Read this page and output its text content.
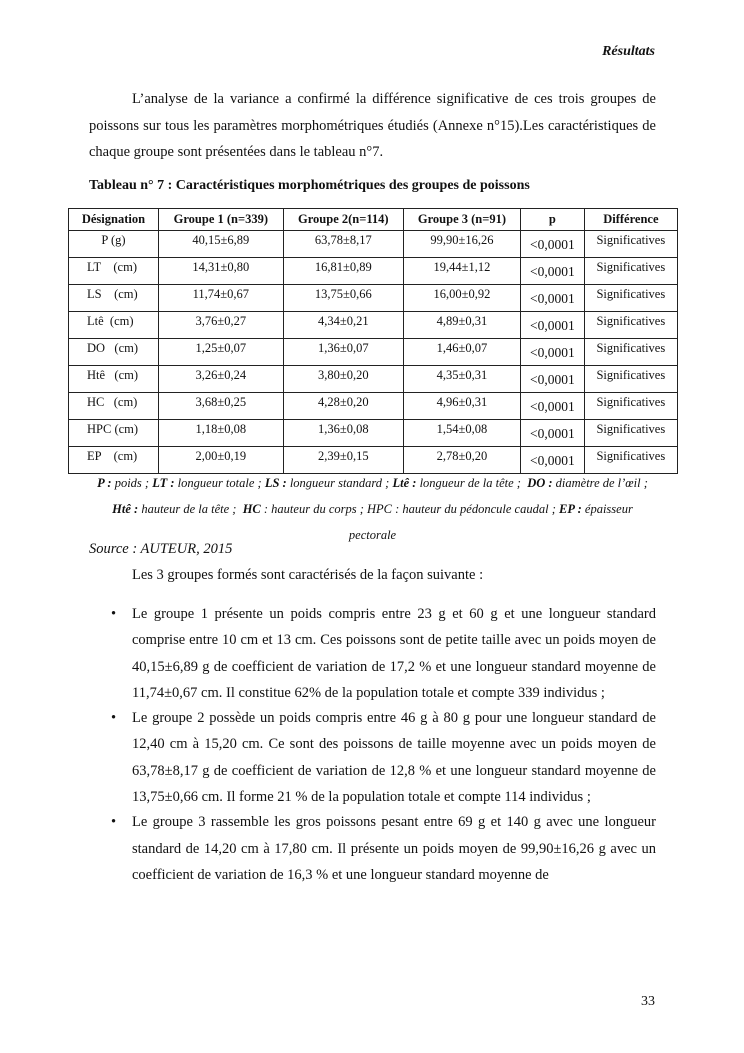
Résultats
L’analyse de la variance a confirmé la différence significative de ces trois groupes de poissons sur tous les paramètres morphométriques étudiés (Annexe n°15).Les caractéristiques de chaque groupe sont présentées dans le tableau n°7.
Tableau n° 7 : Caractéristiques morphométriques des groupes de poissons
Désignation	Groupe 1 (n=339)	Groupe 2(n=114)	Groupe 3 (n=91)	p	Différence
P (g)	40,15±6,89	63,78±8,17	99,90±16,26	<0,0001	Significatives
LT    (cm)	14,31±0,80	16,81±0,89	19,44±1,12	<0,0001	Significatives
LS    (cm)	11,74±0,67	13,75±0,66	16,00±0,92	<0,0001	Significatives
Ltê  (cm)	3,76±0,27	4,34±0,21	4,89±0,31	<0,0001	Significatives
DO   (cm)	1,25±0,07	1,36±0,07	1,46±0,07	<0,0001	Significatives
Htê   (cm)	3,26±0,24	3,80±0,20	4,35±0,31	<0,0001	Significatives
HC   (cm)	3,68±0,25	4,28±0,20	4,96±0,31	<0,0001	Significatives
HPC (cm)	1,18±0,08	1,36±0,08	1,54±0,08	<0,0001	Significatives
EP    (cm)	2,00±0,19	2,39±0,15	2,78±0,20	<0,0001	Significatives
P : poids ; LT : longueur totale ; LS : longueur standard ; Ltê : longueur de la tête ;  DO : diamètre de l’œil ;  Htê : hauteur de la tête ;  HC : hauteur du corps ; HPC : hauteur du pédoncule caudal ; EP : épaisseur pectorale
Source : AUTEUR, 2015
Les 3 groupes formés sont caractérisés de la façon suivante :
• Le groupe 1 présente un poids compris entre 23 g et 60 g et une longueur standard comprise entre 10 cm et 13 cm. Ces poissons sont de petite taille avec un poids moyen de 40,15±6,89 g de coefficient de variation de 17,2 % et une longueur standard moyenne de 11,74±0,67 cm. Il constitue 62% de la population totale et compte 339 individus ;
• Le groupe 2 possède un poids compris entre 46 g à 80 g pour une longueur standard de 12,40 cm à 15,20 cm. Ce sont des poissons de taille moyenne avec un poids moyen de 63,78±8,17 g de coefficient de variation de 12,8 % et une longueur standard moyenne de 13,75±0,66 cm. Il forme 21 % de la population totale et compte 114 individus ;
• Le groupe 3 rassemble les gros poissons pesant entre 69 g et 140 g avec une longueur standard de 14,20 cm à 17,80 cm. Il présente un poids moyen de 99,90±16,26 g avec un coefficient de variation de 16,3 % et une longueur standard moyenne de
33
